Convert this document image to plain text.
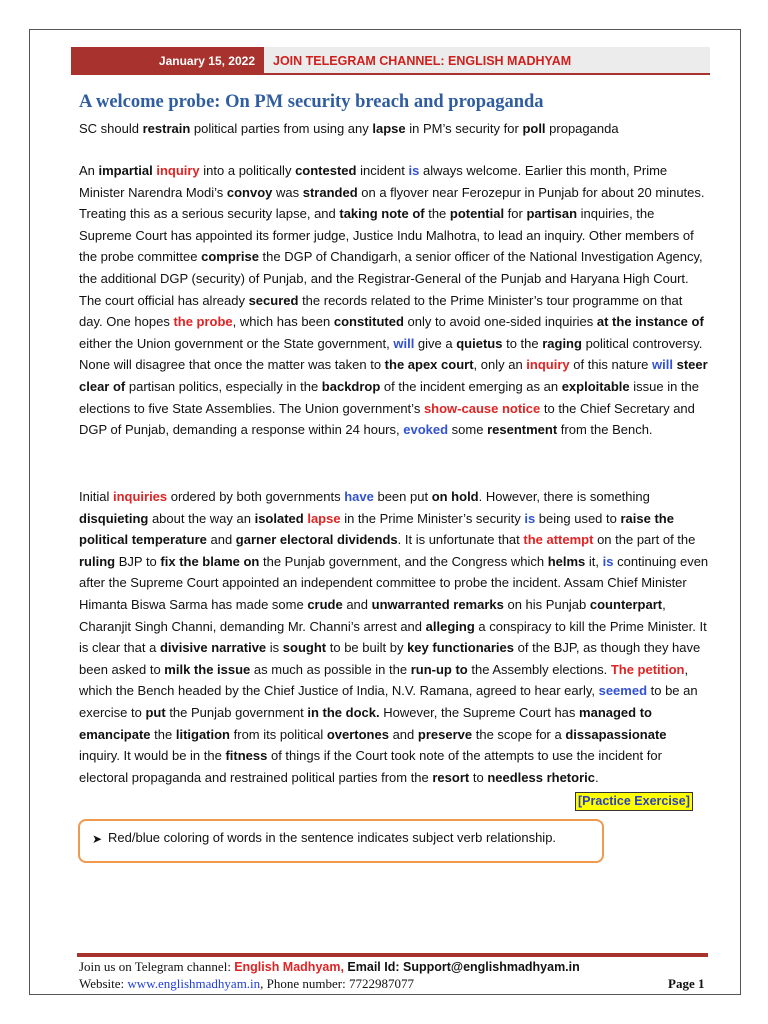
January 15, 2022	JOIN TELEGRAM CHANNEL: ENGLISH MADHYAM
A welcome probe: On PM security breach and propaganda

SC should restrain political parties from using any lapse in PM’s security for poll propaganda

An impartial inquiry into a politically contested incident is always welcome. Earlier this month, Prime Minister Narendra Modi’s convoy was stranded on a flyover near Ferozepur in Punjab for about 20 minutes. Treating this as a serious security lapse, and taking note of the potential for partisan inquiries, the Supreme Court has appointed its former judge, Justice Indu Malhotra, to lead an inquiry. Other members of the probe committee comprise the DGP of Chandigarh, a senior officer of the National Investigation Agency, the additional DGP (security) of Punjab, and the Registrar-General of the Punjab and Haryana High Court. The court official has already secured the records related to the Prime Minister’s tour programme on that day. One hopes the probe, which has been constituted only to avoid one-sided inquiries at the instance of either the Union government or the State government, will give a quietus to the raging political controversy. None will disagree that once the matter was taken to the apex court, only an inquiry of this nature will steer clear of partisan politics, especially in the backdrop of the incident emerging as an exploitable issue in the elections to five State Assemblies. The Union government’s show-cause notice to the Chief Secretary and DGP of Punjab, demanding a response within 24 hours, evoked some resentment from the Bench.

Initial inquiries ordered by both governments have been put on hold. However, there is something disquieting about the way an isolated lapse in the Prime Minister’s security is being used to raise the political temperature and garner electoral dividends. It is unfortunate that the attempt on the part of the ruling BJP to fix the blame on the Punjab government, and the Congress which helms it, is continuing even after the Supreme Court appointed an independent committee to probe the incident. Assam Chief Minister Himanta Biswa Sarma has made some crude and unwarranted remarks on his Punjab counterpart, Charanjit Singh Channi, demanding Mr. Channi’s arrest and alleging a conspiracy to kill the Prime Minister. It is clear that a divisive narrative is sought to be built by key functionaries of the BJP, as though they have been asked to milk the issue as much as possible in the run-up to the Assembly elections. The petition, which the Bench headed by the Chief Justice of India, N.V. Ramana, agreed to hear early, seemed to be an exercise to put the Punjab government in the dock. However, the Supreme Court has managed to emancipate the litigation from its political overtones and preserve the scope for a dissapassionate inquiry. It would be in the fitness of things if the Court took note of the attempts to use the incident for electoral propaganda and restrained political parties from the resort to needless rhetoric.

[Practice Exercise]
➤ Red/blue coloring of words in the sentence indicates subject verb relationship.
Join us on Telegram channel: English Madhyam, Email Id: Support@englishmadhyam.in
Website: www.englishmadhyam.in, Phone number: 7722987077	Page 1
